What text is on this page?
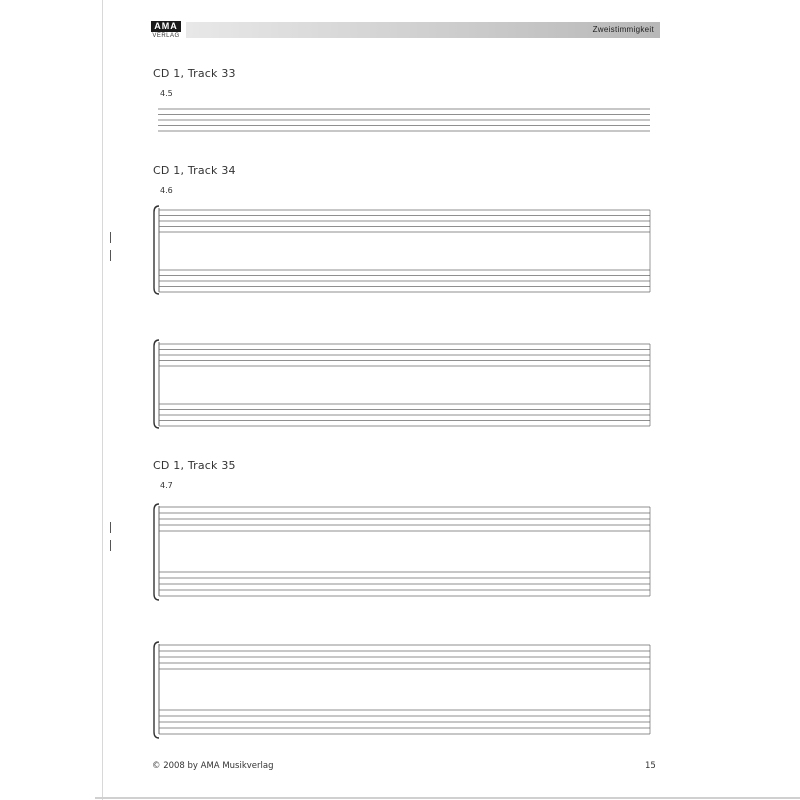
AMA
VERLAG
Zweistimmigkeit
CD 1, Track 33
4.5
CD 1, Track 34
4.6
CD 1, Track 35
4.7
© 2008 by AMA Musikverlag	15
